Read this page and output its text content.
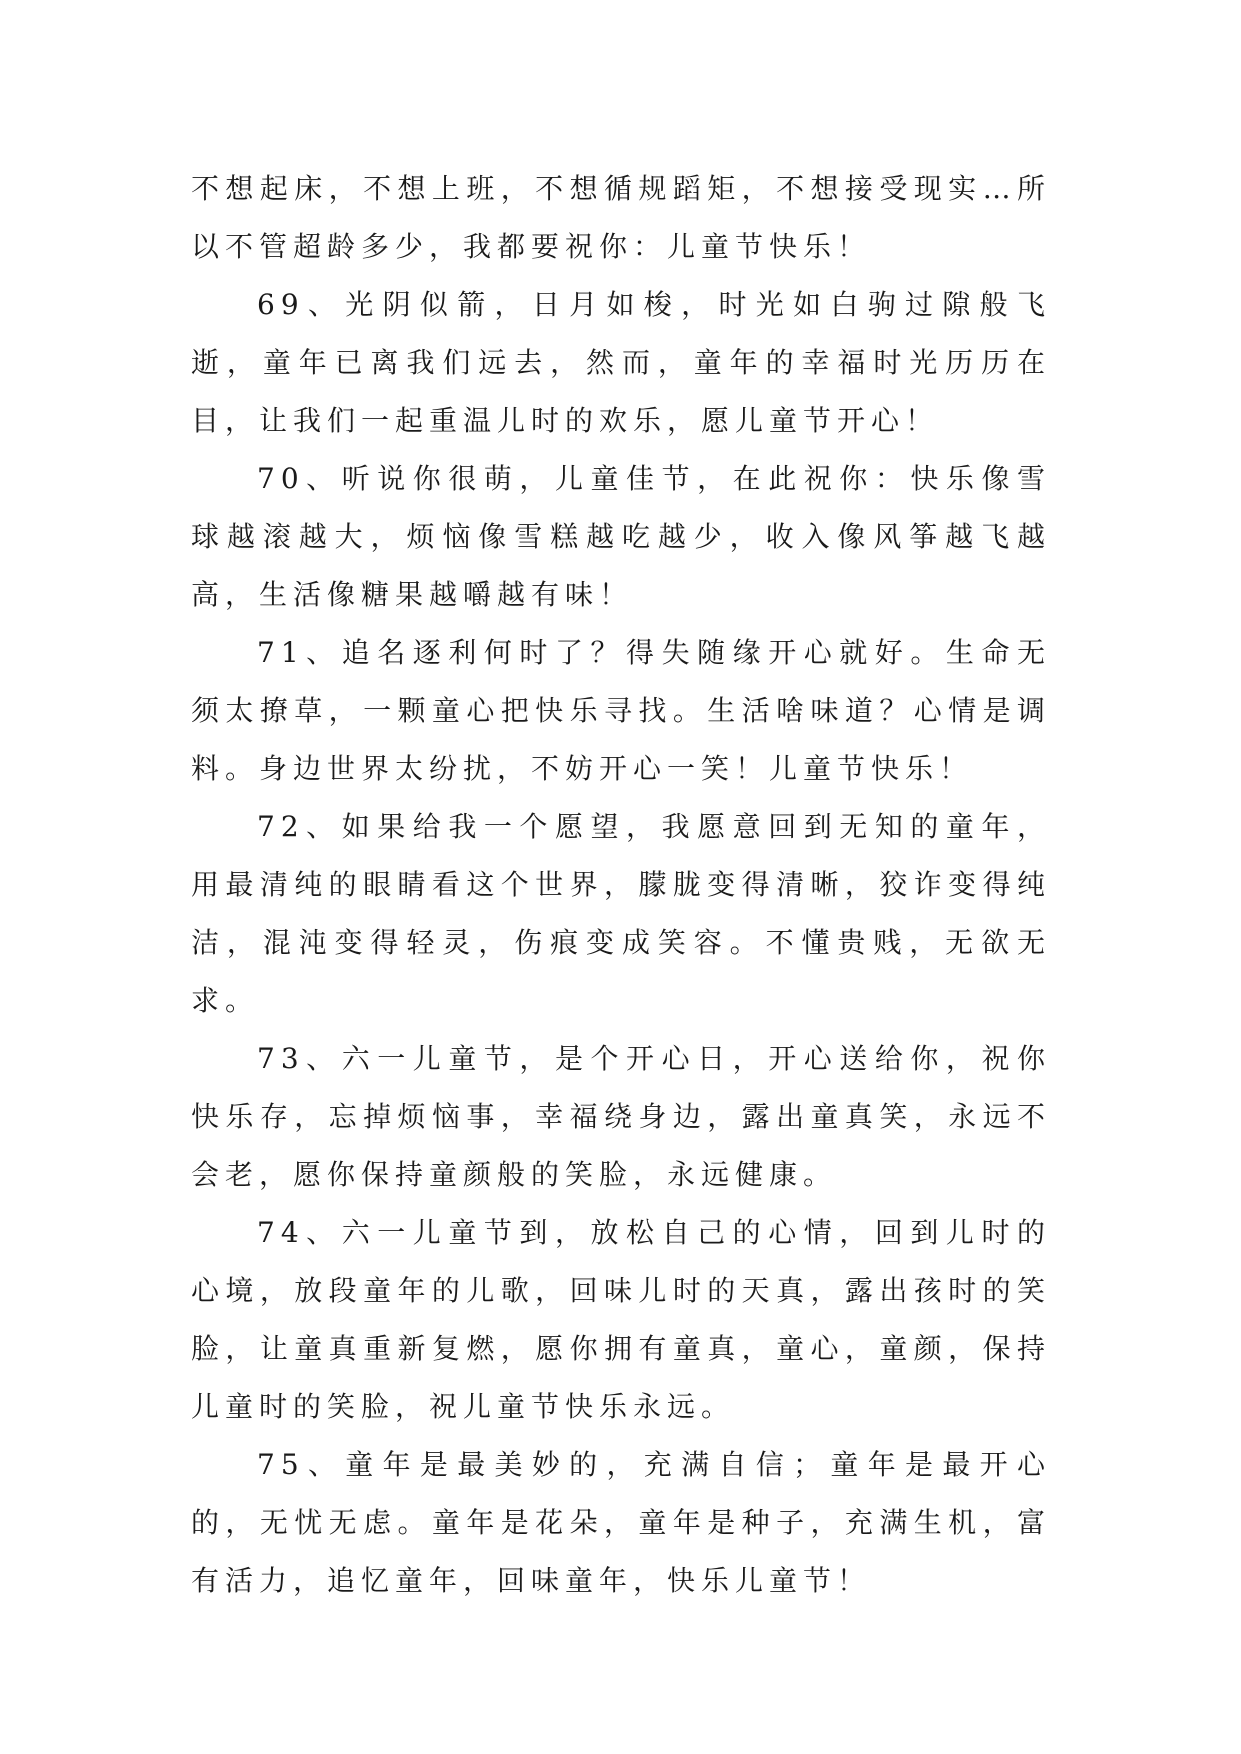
不想起床，不想上班，不想循规蹈矩，不想接受现实…所以不管超龄多少，我都要祝你：儿童节快乐！

69、光阴似箭，日月如梭，时光如白驹过隙般飞逝，童年已离我们远去，然而，童年的幸福时光历历在目，让我们一起重温儿时的欢乐，愿儿童节开心！

70、听说你很萌，儿童佳节，在此祝你：快乐像雪球越滚越大，烦恼像雪糕越吃越少，收入像风筝越飞越高，生活像糖果越嚼越有味！

71、追名逐利何时了？得失随缘开心就好。生命无须太撩草，一颗童心把快乐寻找。生活啥味道？心情是调料。身边世界太纷扰，不妨开心一笑！儿童节快乐！

72、如果给我一个愿望，我愿意回到无知的童年，用最清纯的眼睛看这个世界，朦胧变得清晰，狡诈变得纯洁，混沌变得轻灵，伤痕变成笑容。不懂贵贱，无欲无求。

73、六一儿童节，是个开心日，开心送给你，祝你快乐存，忘掉烦恼事，幸福绕身边，露出童真笑，永远不会老，愿你保持童颜般的笑脸，永远健康。

74、六一儿童节到，放松自己的心情，回到儿时的心境，放段童年的儿歌，回味儿时的天真，露出孩时的笑脸，让童真重新复燃，愿你拥有童真，童心，童颜，保持儿童时的笑脸，祝儿童节快乐永远。

75、童年是最美妙的，充满自信；童年是最开心的，无忧无虑。童年是花朵，童年是种子，充满生机，富有活力，追忆童年，回味童年，快乐儿童节！
